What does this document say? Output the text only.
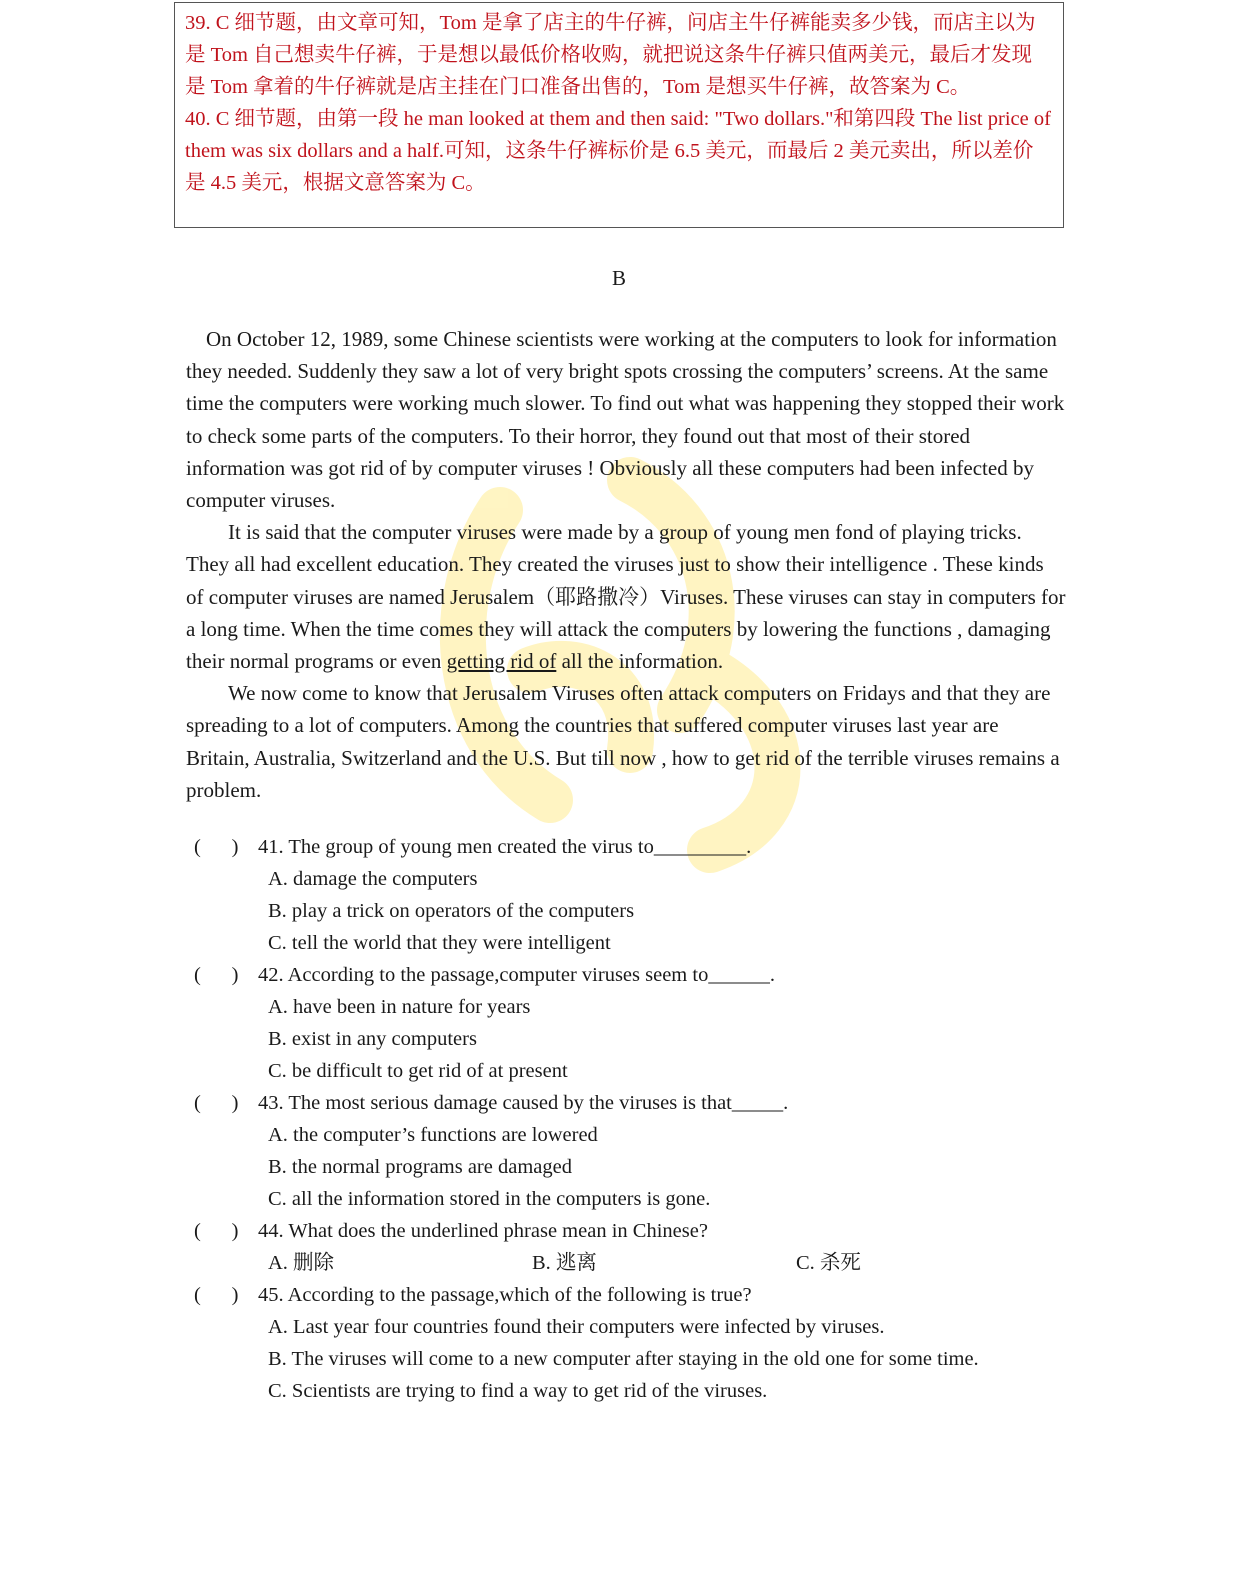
39. C 细节题，由文章可知，Tom 是拿了店主的牛仔裤，问店主牛仔裤能卖多少钱，而店主以为是 Tom 自己想卖牛仔裤，于是想以最低价格收购，就把说这条牛仔裤只值两美元，最后才发现是 Tom 拿着的牛仔裤就是店主挂在门口准备出售的，Tom 是想买牛仔裤，故答案为 C。

40. C 细节题，由第一段 he man looked at them and then said: "Two dollars."和第四段 The list price of them was six dollars and a half.可知，这条牛仔裤标价是 6.5 美元，而最后 2 美元卖出，所以差价是 4.5 美元，根据文意答案为 C。

B

On October 12, 1989, some Chinese scientists were working at the computers to look for information they needed. Suddenly they saw a lot of very bright spots crossing the computers’ screens. At the same time the computers were working much slower. To find out what was happening they stopped their work to check some parts of the computers. To their horror, they found out that most of their stored information was got rid of by computer viruses ! Obviously all these computers had been infected by computer viruses.

It is said that the computer viruses were made by a group of young men fond of playing tricks. They all had excellent education. They created the viruses just to show their intelligence . These kinds of computer viruses are named Jerusalem（耶路撒冷）Viruses. These viruses can stay in computers for a long time. When the time comes they will attack the computers by lowering the functions , damaging their normal programs or even getting rid of all the information.

We now come to know that Jerusalem Viruses often attack computers on Fridays and that they are spreading to a lot of computers. Among the countries that suffered computer viruses last year are Britain, Australia, Switzerland and the U.S. But till now , how to get rid of the terrible viruses remains a problem.

(      ) 41. The group of young men created the virus to_________.
A. damage the computers
B. play a trick on operators of the computers
C. tell the world that they were intelligent
(      ) 42. According to the passage,computer viruses seem to______.
A. have been in nature for years
B. exist in any computers
C. be difficult to get rid of at present
(      ) 43. The most serious damage caused by the viruses is that_____.
A. the computer’s functions are lowered
B. the normal programs are damaged
C. all the information stored in the computers is gone.
(      ) 44. What does the underlined phrase mean in Chinese?
A. 删除	B. 逃离	C. 杀死
(      ) 45. According to the passage,which of the following is true?
A. Last year four countries found their computers were infected by viruses.
B. The viruses will come to a new computer after staying in the old one for some time.
C. Scientists are trying to find a way to get rid of the viruses.
